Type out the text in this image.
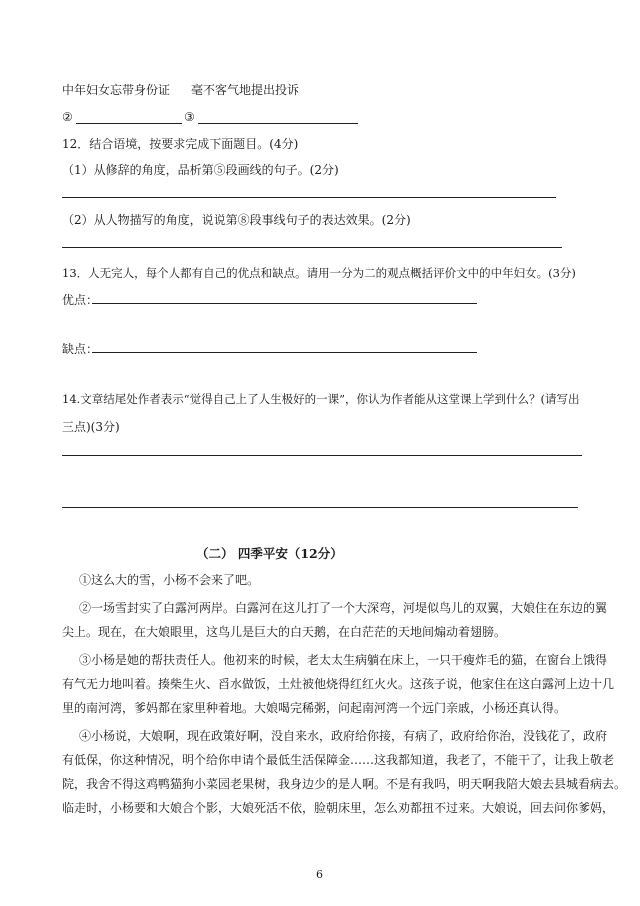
中年妇女忘带身份证 毫不客气地提出投诉
②	③
12．结合语境，按要求完成下面题目。(4分)
（1）从修辞的角度，品析第⑤段画线的句子。(2分)
（2）从人物描写的角度，说说第⑧段事线句子的表达效果。(2分)
13．人无完人，每个人都有自己的优点和缺点。请用一分为二的观点概括评价文中的中年妇女。(3分)
优点：
缺点：
14.文章结尾处作者表示“觉得自己上了人生极好的一课”，你认为作者能从这堂课上学到什么？(请写出
三点)(3分)
（二） 四季平安（12分）
①这么大的雪，小杨不会来了吧。
②一场雪封实了白露河两岸。白露河在这儿打了一个大深弯，河堤似鸟儿的双翼，大娘住在东边的翼
尖上。现在，在大娘眼里，这鸟儿是巨大的白天鹅，在白茫茫的天地间煽动着翅膀。
③小杨是她的帮扶责任人。他初来的时候，老太太生病躺在床上，一只干瘦炸毛的猫，在窗台上饿得
有气无力地叫着。揍柴生火、舀水做饭，土灶被他烧得红红火火。这孩子说，他家住在这白露河上边十几
里的南河湾，爹妈都在家里种着地。大娘喝完稀粥，问起南河湾一个远门亲戚，小杨还真认得。
④小杨说，大娘啊，现在政策好啊，没自来水，政府给你接，有病了，政府给你治，没钱花了，政府
有低保，你这种情况，明个给你申请个最低生活保障金……这我都知道，我老了，不能干了，让我上敬老
院，我舍不得这鸡鸭猫狗小菜园老果树，我身边少的是人啊。不是有我吗，明天啊我陪大娘去县城看病去。
临走时，小杨要和大娘合个影，大娘死活不依，脸朝床里，怎么劝都扭不过来。大娘说，回去问你爹妈，
6
